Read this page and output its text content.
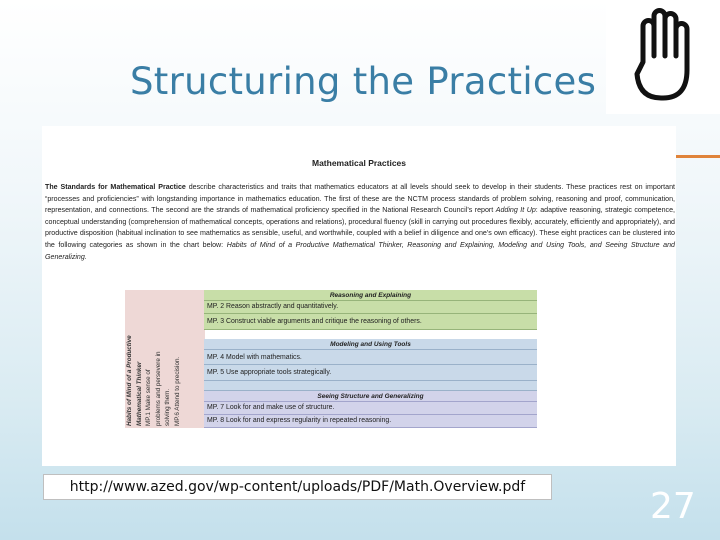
Structuring the Practices
Mathematical Practices
The Standards for Mathematical Practice describe characteristics and traits that mathematics educators at all levels should seek to develop in their students. These practices rest on important “processes and proficiencies” with longstanding importance in mathematics education. The first of these are the NCTM process standards of problem solving, reasoning and proof, communication, representation, and connections. The second are the strands of mathematical proficiency specified in the National Research Council’s report Adding It Up: adaptive reasoning, strategic competence, conceptual understanding (comprehension of mathematical concepts, operations and relations), procedural fluency (skill in carrying out procedures flexibly, accurately, efficiently and appropriately), and productive disposition (habitual inclination to see mathematics as sensible, useful, and worthwhile, coupled with a belief in diligence and one’s own efficacy). These eight practices can be clustered into the following categories as shown in the chart below: Habits of Mind of a Productive Mathematical Thinker, Reasoning and Explaining, Modeling and Using Tools, and Seeing Structure and Generalizing.
Habits of Mind of a Productive Mathematical Thinker MP.1 Make sense of problems and persevere in solving them. MP.6 Attend to precision.
Reasoning and Explaining
MP. 2 Reason abstractly and quantitatively.
MP. 3 Construct viable arguments and critique the reasoning of others.
Modeling and Using Tools
MP. 4 Model with mathematics.
MP. 5 Use appropriate tools strategically.
Seeing Structure and Generalizing
MP. 7 Look for and make use of structure.
MP. 8 Look for and express regularity in repeated reasoning.
http://www.azed.gov/wp-content/uploads/PDF/Math.Overview.pdf	27
